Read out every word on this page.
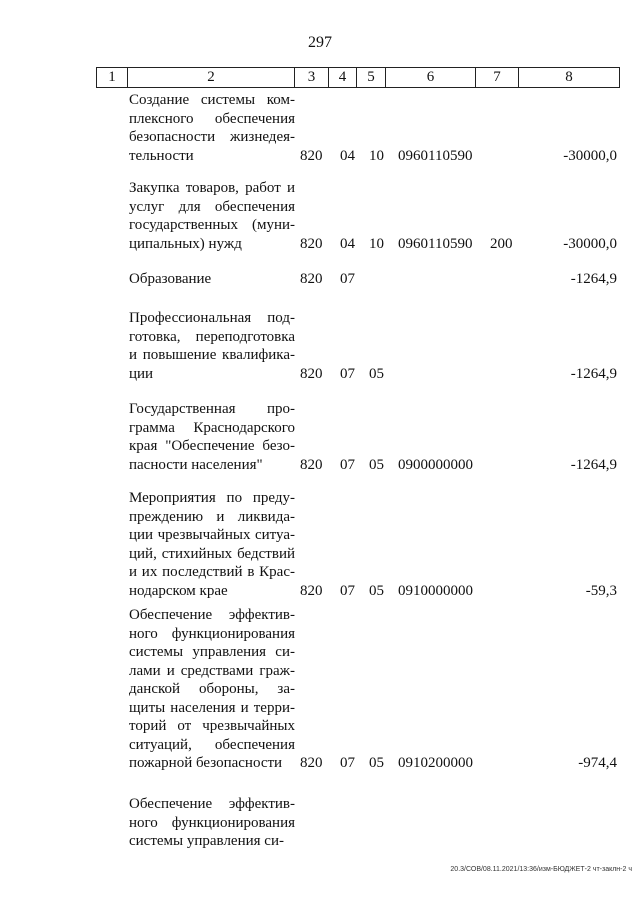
297
1	2	3	4	5	6	7	8
Создание системы ком-
плексного обеспечения
безопасности жизнедея-
тельности	820 04 10 0960110590	-30000,0
Закупка товаров, работ и
услуг для обеспечения
государственных (муни-
ципальных) нужд	820 04 10 0960110590 200	-30000,0
Образование	820 07	-1264,9
Профессиональная под-
готовка, переподготовка
и повышение квалифика-
ции	820 07 05	-1264,9
Государственная про-
грамма Краснодарского
края "Обеспечение безо-
пасности населения"	820 07 05 0900000000	-1264,9
Мероприятия по преду-
преждению и ликвида-
ции чрезвычайных ситуа-
ций, стихийных бедствий
и их последствий в Крас-
нодарском крае	820 07 05 0910000000	-59,3
Обеспечение эффектив-
ного функционирования
системы управления си-
лами и средствами граж-
данской обороны, за-
щиты населения и терри-
торий от чрезвычайных
ситуаций, обеспечения
пожарной безопасности	820 07 05 0910200000	-974,4
Обеспечение эффектив-
ного функционирования
системы управления си-
20.3/СОВ/08.11.2021/13:36/изм-БЮДЖЕТ-2 чт-заклн-2 ч
